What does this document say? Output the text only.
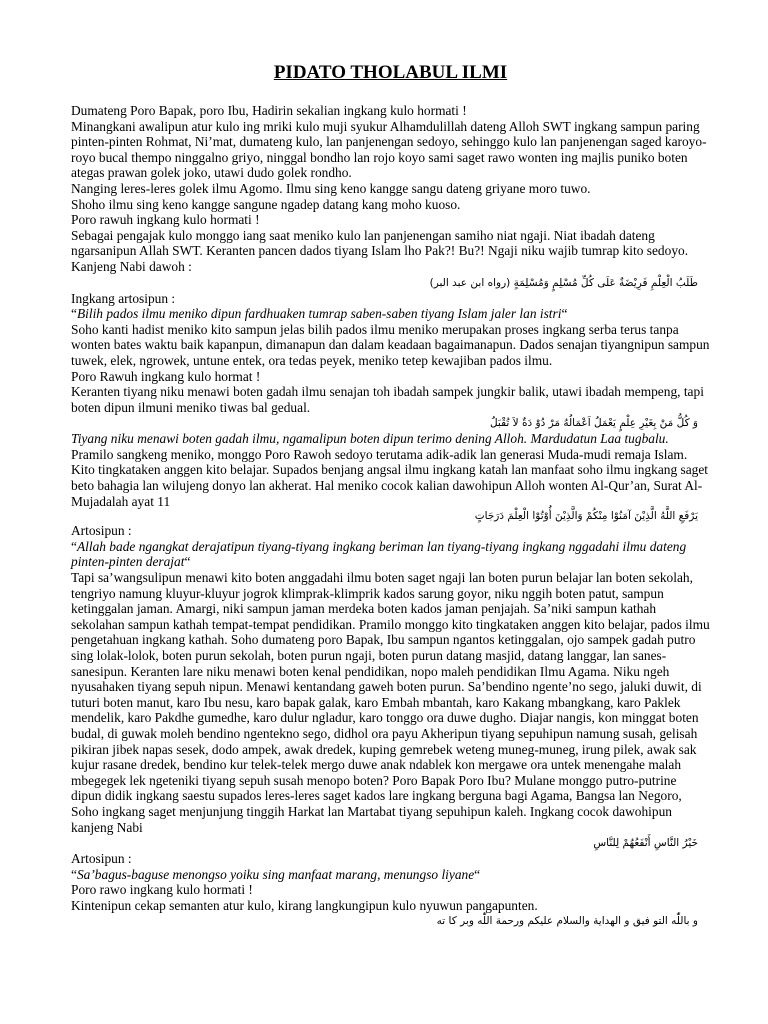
PIDATO THOLABUL ILMI

Dumateng Poro Bapak, poro Ibu, Hadirin sekalian ingkang kulo hormati !

Minangkani awalipun atur kulo ing mriki kulo muji syukur Alhamdulillah dateng Alloh SWT ingkang sampun paring pinten-pinten Rohmat, Ni’mat, dumateng kulo, lan panjenengan sedoyo, sehinggo kulo lan panjenengan saged karoyo-royo bucal thempo ninggalno griyo, ninggal bondho lan rojo koyo sami saget rawo wonten ing majlis puniko boten ategas prawan golek joko, utawi dudo golek rondho.

Nanging leres-leres golek ilmu Agomo. Ilmu sing keno kangge sangu dateng griyane moro tuwo.

Shoho ilmu sing keno kangge sangune ngadep datang kang moho kuoso.

Poro rawuh ingkang kulo hormati !

Sebagai pengajak kulo monggo iang saat meniko kulo lan panjenengan samiho niat ngaji. Niat ibadah dateng ngarsanipun Allah SWT. Keranten pancen dados tiyang Islam lho Pak?! Bu?! Ngaji niku wajib tumrap kito sedoyo. Kanjeng Nabi dawoh :

طَلَبُ الْعِلْمِ فَرِيْضَةٌ عَلَى كُلِّ مُسْلِمٍ وَمُسْلِمَةٍ (رواه ابن عبد البر)

Ingkang artosipun :

“Bilih pados ilmu meniko dipun fardhuaken tumrap saben-saben tiyang Islam jaler lan istri“

Soho kanti hadist meniko kito sampun jelas bilih pados ilmu meniko merupakan proses ingkang serba terus tanpa wonten bates waktu baik kapanpun, dimanapun dan dalam keadaan bagaimanapun. Dados senajan tiyangnipun sampun tuwek, elek, ngrowek, untune entek, ora tedas peyek, meniko tetep kewajiban pados ilmu.

Poro Rawuh ingkang kulo hormat !

Keranten tiyang niku menawi boten gadah ilmu senajan toh ibadah sampek jungkir balik, utawi ibadah mempeng, tapi boten dipun ilmuni meniko tiwas bal gedual.

وَ كُلُّ مَنْ بِغَيْرِ عِلْمٍ يَعْمَلُ اَعْمَالُهُ مَرْ دُوْ دَةٌ لاَ تُقْبَلُ

Tiyang niku menawi boten gadah ilmu, ngamalipun boten dipun terimo dening Alloh. Mardudatun Laa tugbalu.

Pramilo sangkeng meniko, monggo Poro Rawoh sedoyo terutama adik-adik lan generasi Muda-mudi remaja Islam. Kito tingkataken anggen kito belajar. Supados benjang angsal ilmu ingkang katah lan manfaat soho ilmu ingkang saget beto bahagia lan wilujeng donyo lan akherat. Hal meniko cocok kalian dawohipun Alloh wonten Al-Qur’an, Surat Al-Mujadalah ayat 11

يَرْفَعِ اللَّهُ الَّذِيْنَ آمَنُوْا مِنْكُمْ وَالَّذِيْنَ أُوْتُوْا الْعِلْمَ دَرَجَاتٍ

Artosipun :

“Allah bade ngangkat derajatipun tiyang-tiyang ingkang beriman lan tiyang-tiyang ingkang nggadahi ilmu dateng pinten-pinten derajat“

Tapi sa’wangsulipun menawi kito boten anggadahi ilmu boten saget ngaji lan boten purun belajar lan boten sekolah, tengriyo namung kluyur-kluyur jogrok klimprak-klimprik kados sarung goyor, niku nggih boten patut, sampun ketinggalan jaman. Amargi, niki sampun jaman merdeka boten kados jaman penjajah. Sa’niki sampun kathah sekolahan sampun kathah tempat-tempat pendidikan. Pramilo monggo kito tingkataken anggen kito belajar, pados ilmu pengetahuan ingkang kathah. Soho dumateng poro Bapak, Ibu sampun ngantos ketinggalan, ojo sampek gadah putro sing lolak-lolok, boten purun sekolah, boten purun ngaji, boten purun datang masjid, datang langgar, lan sanes-sanesipun. Keranten lare niku menawi boten kenal pendidikan, nopo maleh pendidikan Ilmu Agama. Niku ngeh nyusahaken tiyang sepuh nipun. Menawi kentandang gaweh boten purun. Sa’bendino ngente’no sego, jaluki duwit, di tuturi boten manut, karo Ibu nesu, karo bapak galak, karo Embah mbantah, karo Kakang mbangkang, karo Paklek mendelik, karo Pakdhe gumedhe, karo dulur ngladur, karo tonggo ora duwe dugho. Diajar nangis, kon minggat boten budal, di guwak moleh bendino ngentekno sego, didhol ora payu Akheripun tiyang sepuhipun namung susah, gelisah pikiran jibek napas sesek, dodo ampek, awak dredek, kuping gemrebek weteng muneg-muneg, irung pilek, awak sak kujur rasane dredek, bendino kur telek-telek mergo duwe anak ndablek kon mergawe ora untek menengahe malah mbegegek lek ngeteniki tiyang sepuh susah menopo boten? Poro Bapak Poro Ibu? Mulane monggo putro-putrine dipun didik ingkang saestu supados leres-leres saget kados lare ingkang berguna bagi Agama, Bangsa lan Negoro, Soho ingkang saget menjunjung tinggih Harkat lan Martabat tiyang sepuhipun kaleh. Ingkang cocok dawohipun kanjeng Nabi

خَيْرُ النَّاسِ أَنْفَعُهُمْ لِلنَّاسِ

Artosipun :

“Sa’bagus-baguse menongso yoiku sing manfaat marang, menungso liyane“

Poro rawo ingkang kulo hormati !

Kintenipun cekap semanten atur kulo, kirang langkungipun kulo nyuwun pangapunten.

و باللّٰه التو فيق و الهداية والسلام عليكم ورحمة اللّٰه وبر كا ته
